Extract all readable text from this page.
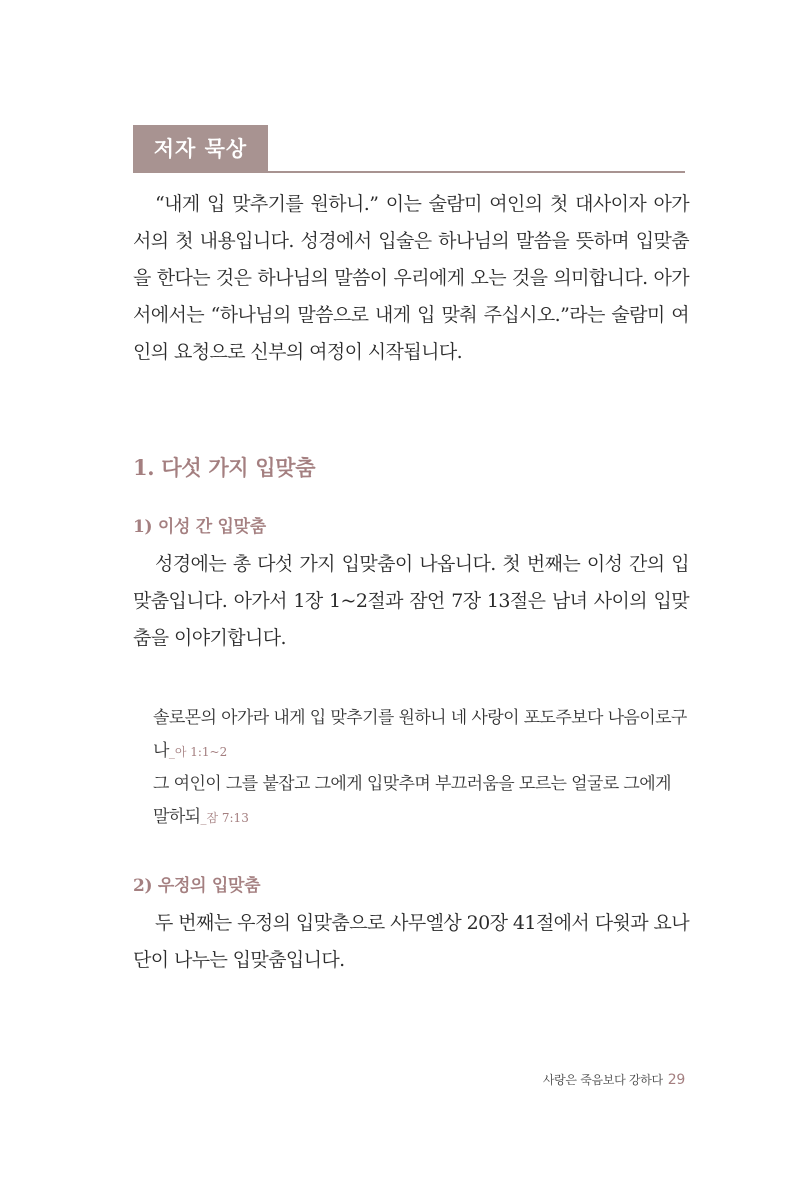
저자 묵상

“내게 입 맞추기를 원하니.” 이는 술람미 여인의 첫 대사이자 아가서의 첫 내용입니다. 성경에서 입술은 하나님의 말씀을 뜻하며 입맞춤을 한다는 것은 하나님의 말씀이 우리에게 오는 것을 의미합니다. 아가서에서는 “하나님의 말씀으로 내게 입 맞춰 주십시오.”라는 술람미 여인의 요청으로 신부의 여정이 시작됩니다.

1. 다섯 가지 입맞춤
1) 이성 간 입맞춤

성경에는 총 다섯 가지 입맞춤이 나옵니다. 첫 번째는 이성 간의 입맞춤입니다. 아가서 1장 1~2절과 잠언 7장 13절은 남녀 사이의 입맞춤을 이야기합니다.

솔로몬의 아가라 내게 입 맞추기를 원하니 네 사랑이 포도주보다 나음이로구나_아 1:1~2

그 여인이 그를 붙잡고 그에게 입맞추며 부끄러움을 모르는 얼굴로 그에게 말하되_잠 7:13

2) 우정의 입맞춤

두 번째는 우정의 입맞춤으로 사무엘상 20장 41절에서 다윗과 요나단이 나누는 입맞춤입니다.

사랑은 죽음보다 강하다 29
